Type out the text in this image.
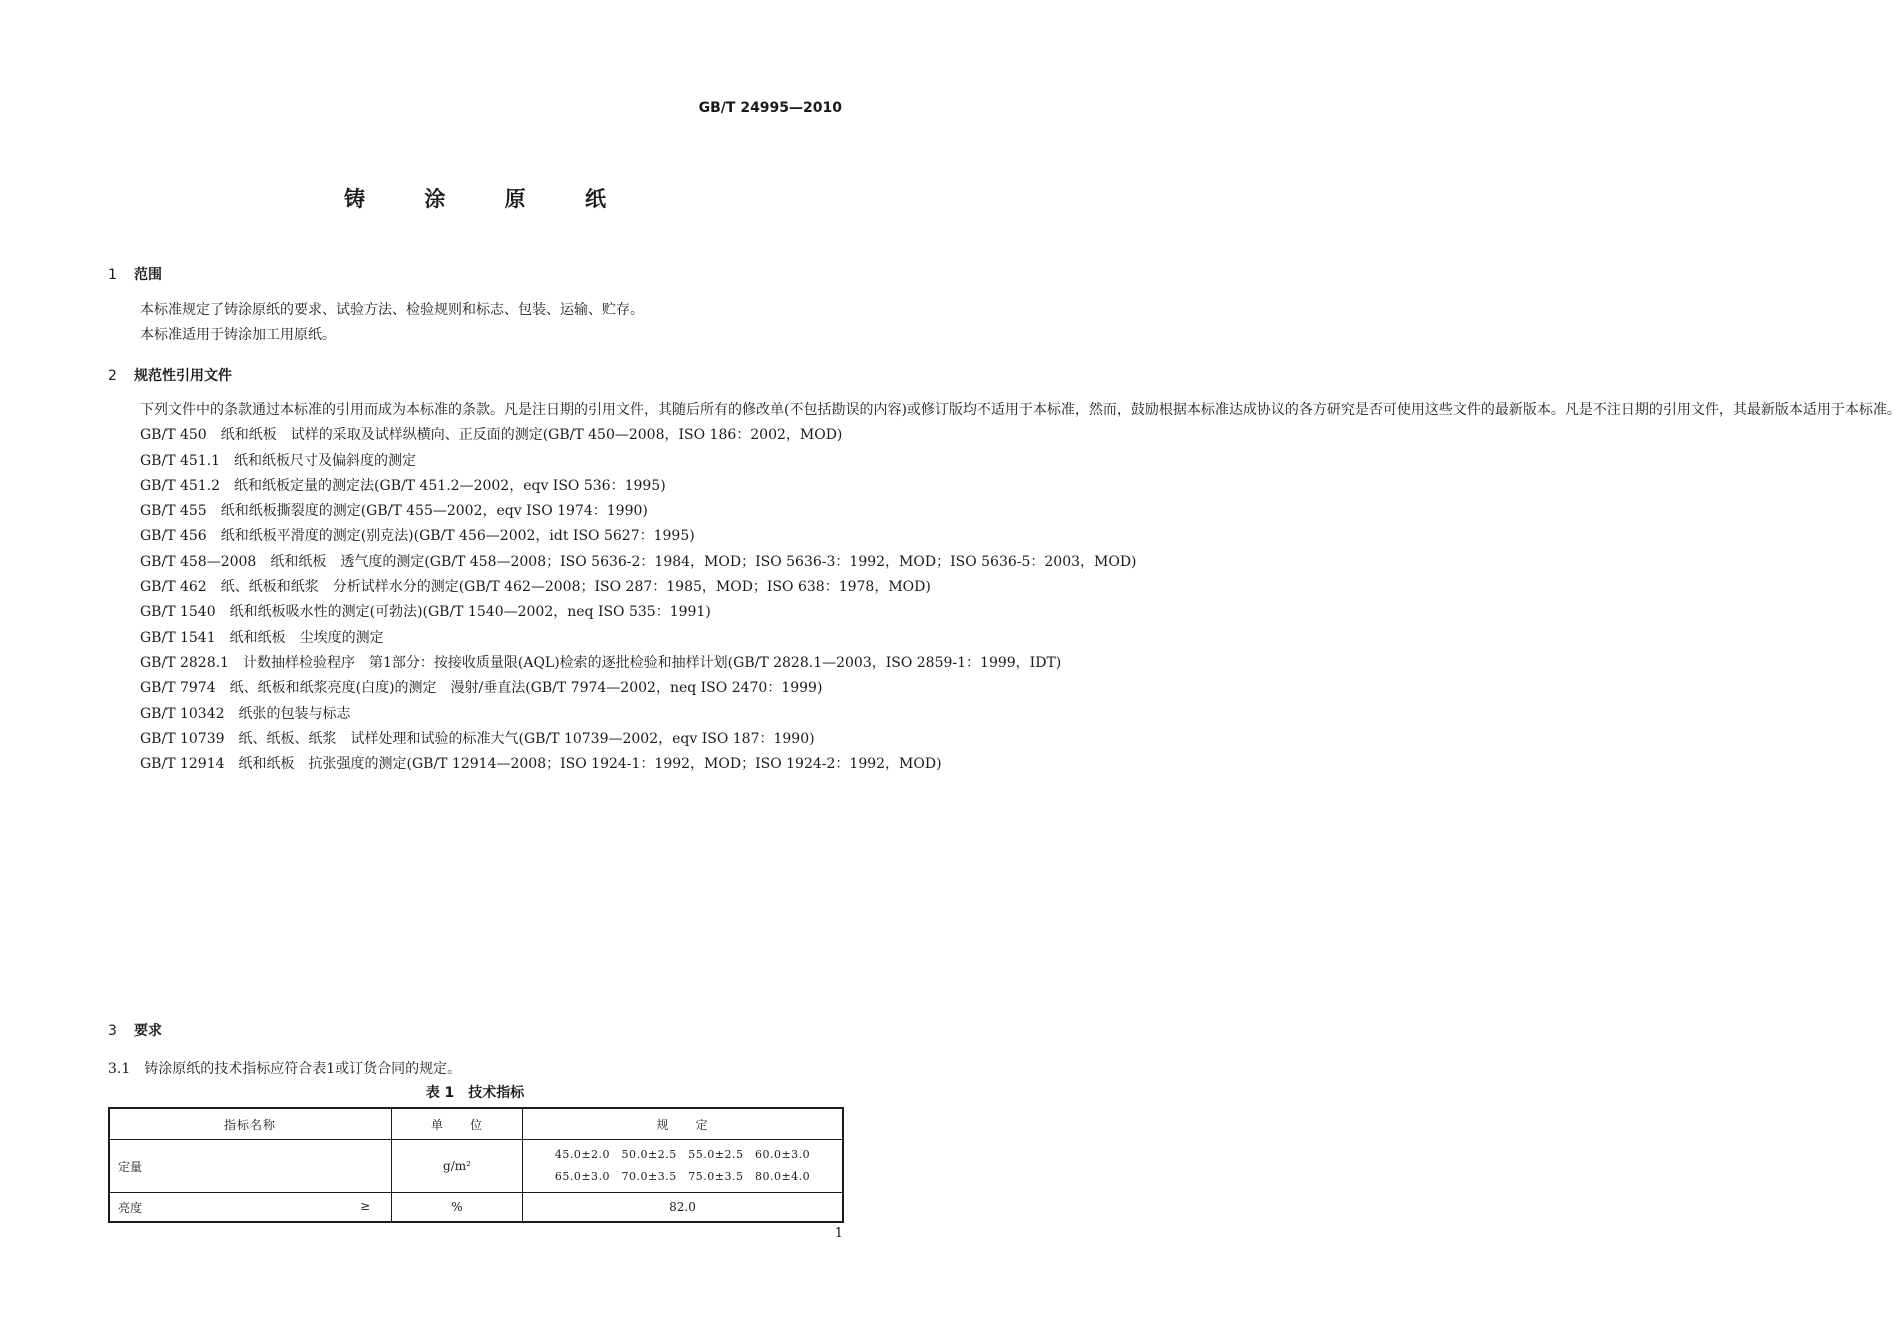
GB/T 24995—2010
铸 涂 原 纸
1 范围

本标准规定了铸涂原纸的要求、试验方法、检验规则和标志、包装、运输、贮存。

本标准适用于铸涂加工用原纸。

2 规范性引用文件

下列文件中的条款通过本标准的引用而成为本标准的条款。凡是注日期的引用文件，其随后所有的修改单(不包括勘误的内容)或修订版均不适用于本标准，然而，鼓励根据本标准达成协议的各方研究是否可使用这些文件的最新版本。凡是不注日期的引用文件，其最新版本适用于本标准。

GB/T 450　纸和纸板　试样的采取及试样纵横向、正反面的测定(GB/T 450—2008，ISO 186：2002，MOD)

GB/T 451.1　纸和纸板尺寸及偏斜度的测定

GB/T 451.2　纸和纸板定量的测定法(GB/T 451.2—2002，eqv ISO 536：1995)

GB/T 455　纸和纸板撕裂度的测定(GB/T 455—2002，eqv ISO 1974：1990)

GB/T 456　纸和纸板平滑度的测定(别克法)(GB/T 456—2002，idt ISO 5627：1995)

GB/T 458—2008　纸和纸板　透气度的测定(GB/T 458—2008；ISO 5636-2：1984，MOD；ISO 5636-3：1992，MOD；ISO 5636-5：2003，MOD)

GB/T 462　纸、纸板和纸浆　分析试样水分的测定(GB/T 462—2008；ISO 287：1985，MOD；ISO 638：1978，MOD)

GB/T 1540　纸和纸板吸水性的测定(可勃法)(GB/T 1540—2002，neq ISO 535：1991)

GB/T 1541　纸和纸板　尘埃度的测定

GB/T 2828.1　计数抽样检验程序　第1部分：按接收质量限(AQL)检索的逐批检验和抽样计划(GB/T 2828.1—2003，ISO 2859-1：1999，IDT)

GB/T 7974　纸、纸板和纸浆亮度(白度)的测定　漫射/垂直法(GB/T 7974—2002，neq ISO 2470：1999)

GB/T 10342　纸张的包装与标志

GB/T 10739　纸、纸板、纸浆　试样处理和试验的标准大气(GB/T 10739—2002，eqv ISO 187：1990)

GB/T 12914　纸和纸板　抗张强度的测定(GB/T 12914—2008；ISO 1924-1：1992，MOD；ISO 1924-2：1992，MOD)

3 要求
3.1　铸涂原纸的技术指标应符合表1或订货合同的规定。
表 1　技术指标
指标名称	单　　位	规　　定
定量	g/m²	45.0±2.0　50.0±2.5　55.0±2.5　60.0±3.0
65.0±3.0　70.0±3.5　75.0±3.5　80.0±4.0

亮度 ≥	%	82.0
1
